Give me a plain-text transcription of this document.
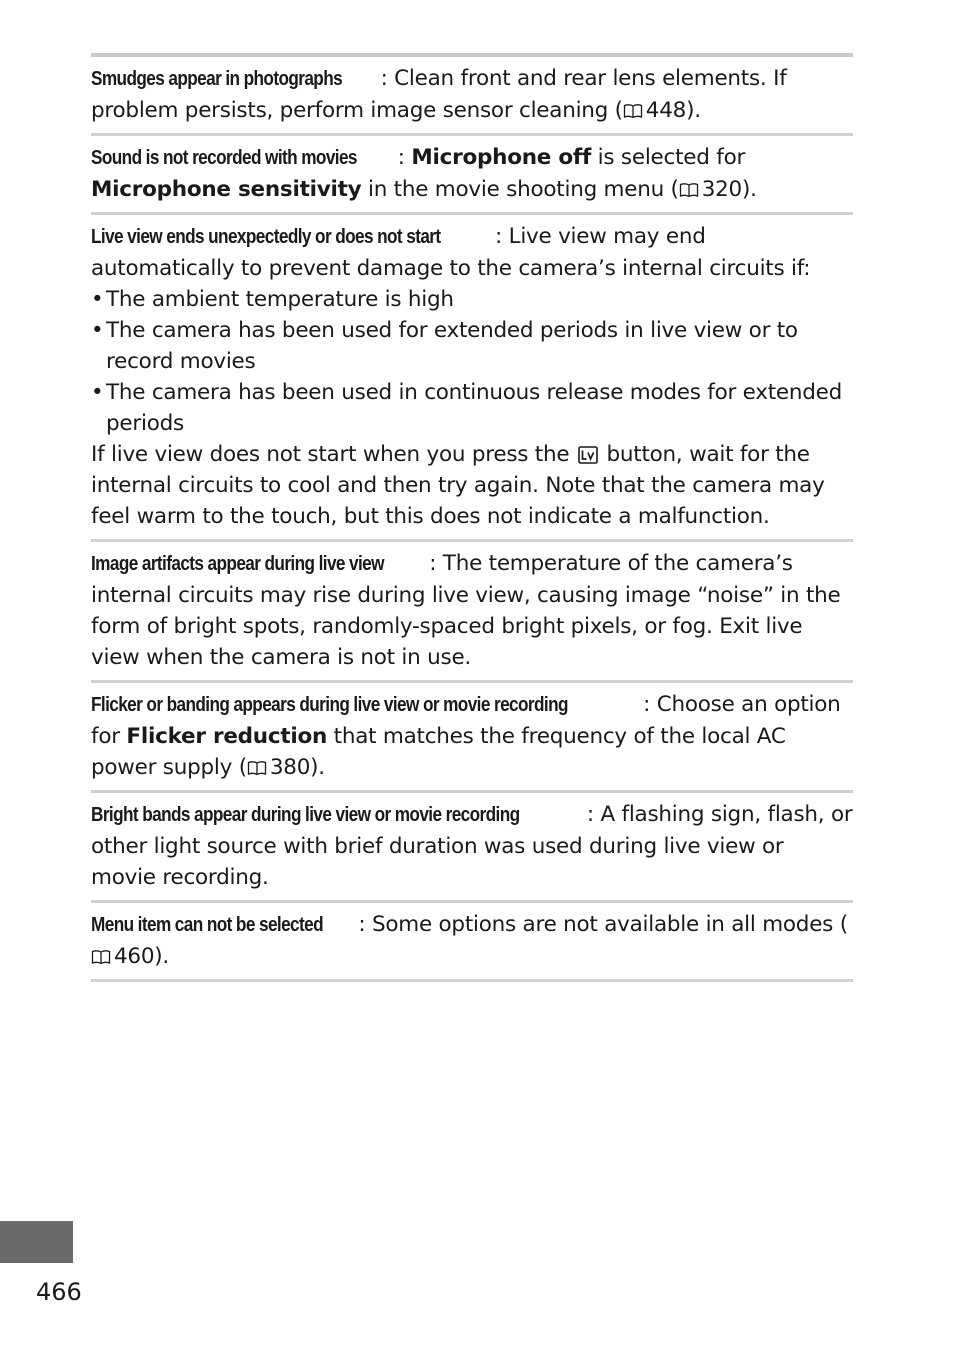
Smudges appear in photographs : Clean front and rear lens elements. If problem persists, perform image sensor cleaning ( 448).

Sound is not recorded with movies : Microphone off is selected for Microphone sensitivity in the movie shooting menu ( 320).

Live view ends unexpectedly or does not start	: Live view may end automatically to prevent damage to the camera’s internal circuits if:

• The ambient temperature is high
• The camera has been used for extended periods in live view or to record movies
• The camera has been used in continuous release modes for extended periods

If live view does not start when you press the  button, wait for the internal circuits to cool and then try again. Note that the camera may feel warm to the touch, but this does not indicate a malfunction.

Image artifacts appear during live view : The temperature of the camera’s internal circuits may rise during live view, causing image “noise” in the form of bright spots, randomly-spaced bright pixels, or fog. Exit live view when the camera is not in use.

Flicker or banding appears during live view or movie recording	: Choose an option for Flicker reduction that matches the frequency of the local AC power supply ( 380).

Bright bands appear during live view or movie recording	: A flashing sign, flash, or other light source with brief duration was used during live view or movie recording.

Menu item can not be selected : Some options are not available in all modes (460).

466
